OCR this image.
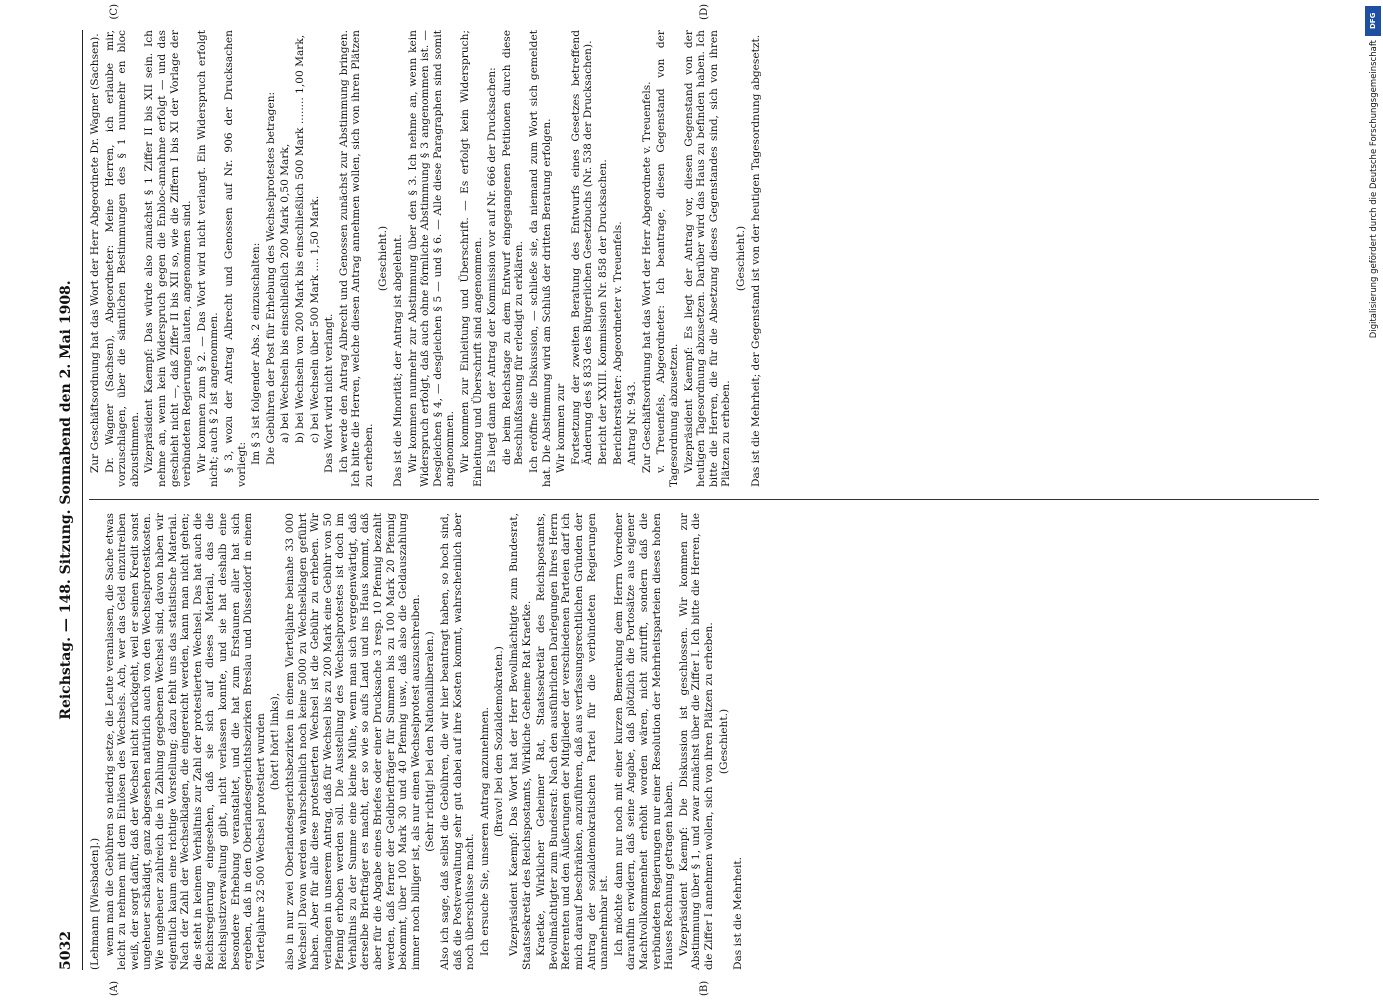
5032
Reichstag. — 148. Sitzung. Sonnabend den 2. Mai 1908.
(A)	(B)

(Lehmann [Wiesbaden].) wenn man die Gebühren so niedrig setze, die Leute veranlassen, die Sache etwas leicht zu nehmen mit dem Einlösen des Wechsels. Ach, wer das Geld einzutreiben weiß, der sorgt dafür, daß der Wechsel nicht zurückgeht, weil er seinen Kredit sonst ungeheuer schädigt, ganz abgesehen natürlich auch von den Wechselprotestkosten. Wie ungeheuer zahlreich die in Zahlung gegebenen Wechsel sind, davon haben wir eigentlich kaum eine richtige Vorstellung; dazu fehlt uns das statistische Material. Nach der Zahl der Wechselklagen, die eingereicht werden, kann man nicht gehen; die steht in keinem Verhältnis zur Zahl der protestierten Wechsel. Das hat auch die Reichsregierung eingesehen, daß sie sich auf dieses Material, das die Reichsjustizverwaltung gibt, nicht verlassen konnte, und sie hat deshalb eine besondere Erhebung veranstaltet, und die hat zum Erstaunen aller hat sich ergeben, daß in den Oberlandesgerichtsbezirken Breslau und Düsseldorf in einem Vierteljahre 32 500 Wechsel protestiert wurden (hört! hört! links), also in nur zwei Oberlandesgerichtsbezirken in einem Vierteljahre beinahe 33 000 Wechsel! Davon werden wahrscheinlich noch keine 5000 zu Wechselklagen geführt haben. Aber für alle diese protestierten Wechsel ist die Gebühr zu erheben. Wir verlangen in unserem Antrag, daß für Wechsel bis zu 200 Mark eine Gebühr von 50 Pfennig erhoben werden soll. Die Ausstellung des Wechselprotestes ist doch im Verhältnis zu der Summe eine kleine Mühe, wenn man sich vergegenwärtigt, daß derselbe Briefträger es macht, der so wie so aufs Land und ins Haus kommt, daß aber für die Abgabe eines Briefes oder einer Drucksache 3 resp. 10 Pfennig bezahlt werden, daß ferner der Geldbriefträger für Summen bis zu 100 Mark 20 Pfennig bekommt, über 100 Mark 30 und 40 Pfennig usw., daß also die Geldauszahlung immer noch billiger ist, als nur einen Wechselprotest auszuschreiben. (Sehr richtig! bei den Nationalliberalen.) Also ich sage, daß selbst die Gebühren, die wir hier beantragt haben, so hoch sind, daß die Postverwaltung sehr gut dabei auf ihre Kosten kommt, wahrscheinlich aber noch überschüsse macht. Ich ersuche Sie, unseren Antrag anzunehmen. (Bravo! bei den Sozialdemokraten.) Vizepräsident Kaempf: Das Wort hat der Herr Bevollmächtigte zum Bundesrat, Staatssekretär des Reichspostamts, Wirkliche Geheime Rat Kraetke. Kraetke, Wirklicher Geheimer Rat, Staatssekretär des Reichspostamts, Bevollmächtigter zum Bundesrat: Nach den ausführlichen Darlegungen Ihres Herrn Referenten und den Äußerungen der Mitglieder der verschiedenen Parteien darf ich mich darauf beschränken, anzuführen, daß aus verfassungsrechtlichen Gründen der Antrag der sozialdemokratischen Partei für die verbündeten Regierungen unannehmbar ist. Ich möchte dann nur noch mit einer kurzen Bemerkung dem Herrn Vorredner daraufhin erwidern, daß seine Angabe, daß plötzlich die Portosätze aus eigener Machtvollkommenheit erhöht worden wären, nicht zutrifft, sondern daß die verbündeten Regierungen nur einer Resolution der Mehrheitsparteien dieses hohen Hauses Rechnung getragen haben. Vizepräsident Kaempf: Die Diskussion ist geschlossen. Wir kommen zur Abstimmung über § 1, und zwar zunächst über die Ziffer I. Ich bitte die Herren, die die Ziffer I annehmen wollen, sich von ihren Plätzen zu erheben. (Geschieht.)

Das ist die Mehrheit.

(C)	(D)

Zur Geschäftsordnung hat das Wort der Herr Abgeordnete Dr. Wagner (Sachsen). Dr. Wagner (Sachsen), Abgeordneter: Meine Herren, ich erlaube mir, vorzuschlagen, über die sämtlichen Bestimmungen des § 1 nunmehr en bloc abzustimmen. Vizepräsident Kaempf: Das würde also zunächst § 1 Ziffer II bis XII sein. Ich nehme an, wenn kein Widerspruch gegen die Enbloc-annahme erfolgt — und das geschieht nicht —, daß Ziffer II bis XII so, wie die Ziffern I bis XI der Vorlage der verbündeten Regierungen lauten, angenommen sind. Wir kommen zum § 2. — Das Wort wird nicht verlangt. Ein Widerspruch erfolgt nicht; auch § 2 ist angenommen. § 3, wozu der Antrag Albrecht und Genossen auf Nr. 906 der Drucksachen vorliegt: Im § 3 ist folgender Abs. 2 einzuschalten: Die Gebühren der Post für Erhebung des Wechselprotestes betragen: a) bei Wechseln bis einschließlich 200 Mark 0,50 Mark, b) bei Wechseln von 200 Mark bis einschließlich 500 Mark ........ 1,00 Mark, c) bei Wechseln über 500 Mark .... 1,50 Mark. Das Wort wird nicht verlangt. Ich werde den Antrag Albrecht und Genossen zunächst zur Abstimmung bringen. Ich bitte die Herren, welche diesen Antrag annehmen wollen, sich von ihren Plätzen zu erheben.

(Geschieht.) Das ist die Minorität; der Antrag ist abgelehnt. Wir kommen nunmehr zur Abstimmung über den § 3. Ich nehme an, wenn kein Widerspruch erfolgt, daß auch ohne förmliche Abstimmung § 3 angenommen ist. — Desgleichen § 4, — desgleichen § 5 — und § 6. — Alle diese Paragraphen sind somit angenommen. Wir kommen zur Einleitung und Überschrift. — Es erfolgt kein Widerspruch; Einleitung und Überschrift sind angenommen. Es liegt dann der Antrag der Kommission vor auf Nr. 666 der Drucksachen: die beim Reichstage zu dem Entwurf eingegangenen Petitionen durch diese Beschlußfassung für erledigt zu erklären. Ich eröffne die Diskussion, — schließe sie, da niemand zum Wort sich gemeldet hat. Die Abstimmung wird am Schluß der dritten Beratung erfolgen. Wir kommen zur Fortsetzung der zweiten Beratung des Entwurfs eines Gesetzes betreffend Änderung des § 833 des Bürgerlichen Gesetzbuchs (Nr. 538 der Drucksachen). Bericht der XXIII. Kommission Nr. 858 der Drucksachen. Berichterstatter: Abgeordneter v. Treuenfels. Antrag Nr. 943. Zur Geschäftsordnung hat das Wort der Herr Abgeordnete v. Treuenfels. v. Treuenfels, Abgeordneter: Ich beantrage, diesen Gegenstand von der Tagesordnung abzusetzen. Vizepräsident Kaempf: Es liegt der Antrag vor, diesen Gegenstand von der heutigen Tagesordnung abzusetzen. Darüber wird das Haus zu befinden haben. Ich bitte die Herren, die für die Absetzung dieses Gegenstandes sind, sich von ihren Plätzen zu erheben.

(Geschieht.) Das ist die Mehrheit; der Gegenstand ist von der heutigen Tagesordnung abgesetzt.

DFG
Digitalisierung gefördert durch die Deutsche Forschungsgemeinschaft
